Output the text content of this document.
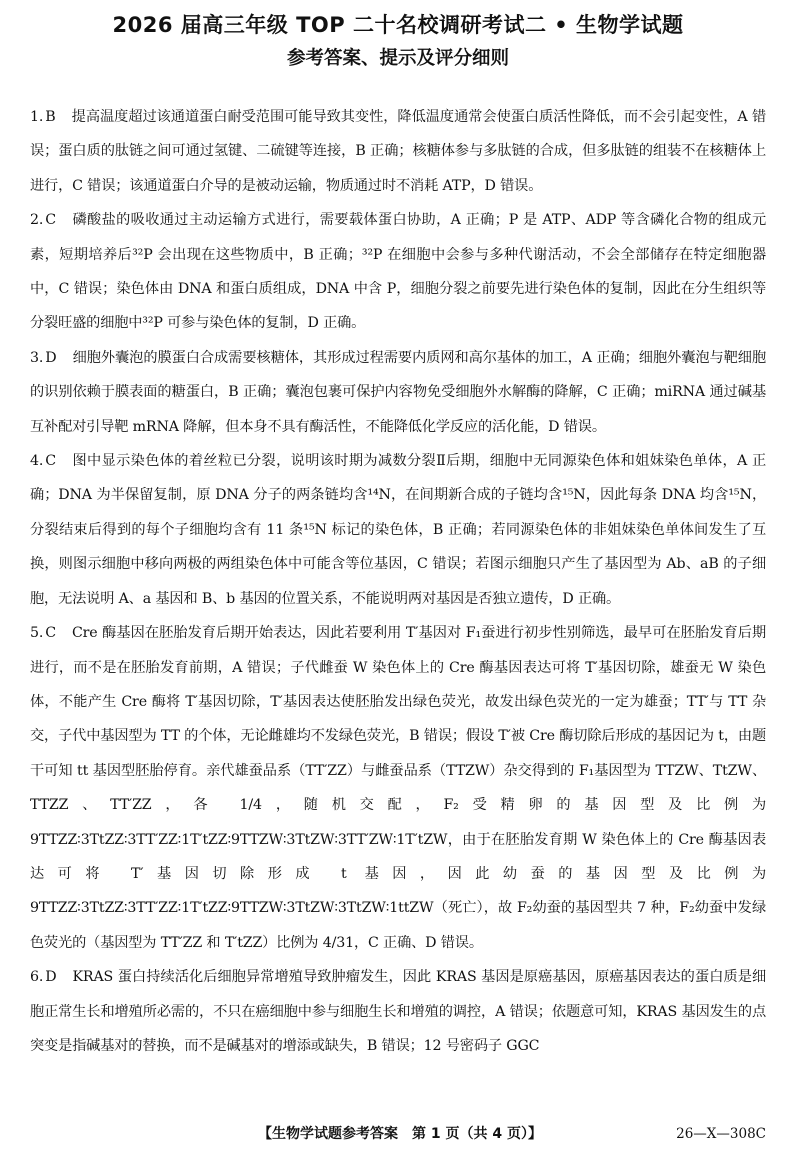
2026 届高三年级 TOP 二十名校调研考试二 • 生物学试题
参考答案、提示及评分细则

1. B 提高温度超过该通道蛋白耐受范围可能导致其变性，降低温度通常会使蛋白质活性降低，而不会引起变性，A 错误；蛋白质的肽链之间可通过氢键、二硫键等连接，B 正确；核糖体参与多肽链的合成，但多肽链的组装不在核糖体上进行，C 错误；该通道蛋白介导的是被动运输，物质通过时不消耗 ATP，D 错误。

2. C 磷酸盐的吸收通过主动运输方式进行，需要载体蛋白协助，A 正确；P 是 ATP、ADP 等含磷化合物的组成元素，短期培养后³²P 会出现在这些物质中，B 正确；³²P 在细胞中会参与多种代谢活动，不会全部储存在特定细胞器中，C 错误；染色体由 DNA 和蛋白质组成，DNA 中含 P，细胞分裂之前要先进行染色体的复制，因此在分生组织等分裂旺盛的细胞中³²P 可参与染色体的复制，D 正确。

3. D 细胞外囊泡的膜蛋白合成需要核糖体，其形成过程需要内质网和高尔基体的加工，A 正确；细胞外囊泡与靶细胞的识别依赖于膜表面的糖蛋白，B 正确；囊泡包裹可保护内容物免受细胞外水解酶的降解，C 正确；miRNA 通过碱基互补配对引导靶 mRNA 降解，但本身不具有酶活性，不能降低化学反应的活化能，D 错误。

4. C 图中显示染色体的着丝粒已分裂，说明该时期为减数分裂Ⅱ后期，细胞中无同源染色体和姐妹染色单体，A 正确；DNA 为半保留复制，原 DNA 分子的两条链均含¹⁴N，在间期新合成的子链均含¹⁵N，因此每条 DNA 均含¹⁵N，分裂结束后得到的每个子细胞均含有 11 条¹⁵N 标记的染色体，B 正确；若同源染色体的非姐妹染色单体间发生了互换，则图示细胞中移向两极的两组染色体中可能含等位基因，C 错误；若图示细胞只产生了基因型为 Ab、aB 的子细胞，无法说明 A、a 基因和 B、b 基因的位置关系，不能说明两对基因是否独立遗传，D 正确。

5. C Cre 酶基因在胚胎发育后期开始表达，因此若要利用 T′基因对 F₁蚕进行初步性别筛选，最早可在胚胎发育后期进行，而不是在胚胎发育前期，A 错误；子代雌蚕 W 染色体上的 Cre 酶基因表达可将 T′基因切除，雄蚕无 W 染色体，不能产生 Cre 酶将 T′基因切除，T′基因表达使胚胎发出绿色荧光，故发出绿色荧光的一定为雄蚕；TT′与 TT 杂交，子代中基因型为 TT 的个体，无论雌雄均不发绿色荧光，B 错误；假设 T′被 Cre 酶切除后形成的基因记为 t，由题干可知 tt 基因型胚胎停育。亲代雄蚕品系（TT′ZZ）与雌蚕品系（TTZW）杂交得到的 F₁基因型为 TTZW、TtZW、TTZZ、TT′ZZ，各 1/4，随机交配，F₂受精卵的基因型及比例为 9TTZZ∶3TtZZ∶3TT′ZZ∶1T′tZZ∶9TTZW∶3TtZW∶3TT′ZW∶1T′tZW，由于在胚胎发育期 W 染色体上的 Cre 酶基因表达可将 T′基因切除形成 t 基因，因此幼蚕的基因型及比例为 9TTZZ∶3TtZZ∶3TT′ZZ∶1T′tZZ∶9TTZW∶3TtZW∶3TtZW∶1ttZW（死亡），故 F₂幼蚕的基因型共 7 种，F₂幼蚕中发绿色荧光的（基因型为 TT′ZZ 和 T′tZZ）比例为 4/31，C 正确、D 错误。

6. D KRAS 蛋白持续活化后细胞异常增殖导致肿瘤发生，因此 KRAS 基因是原癌基因，原癌基因表达的蛋白质是细胞正常生长和增殖所必需的，不只在癌细胞中参与细胞生长和增殖的调控，A 错误；依题意可知，KRAS 基因发生的点突变是指碱基对的替换，而不是碱基对的增添或缺失，B 错误；12 号密码子 GGC

【生物学试题参考答案　第 1 页（共 4 页）】	26—X—308C
